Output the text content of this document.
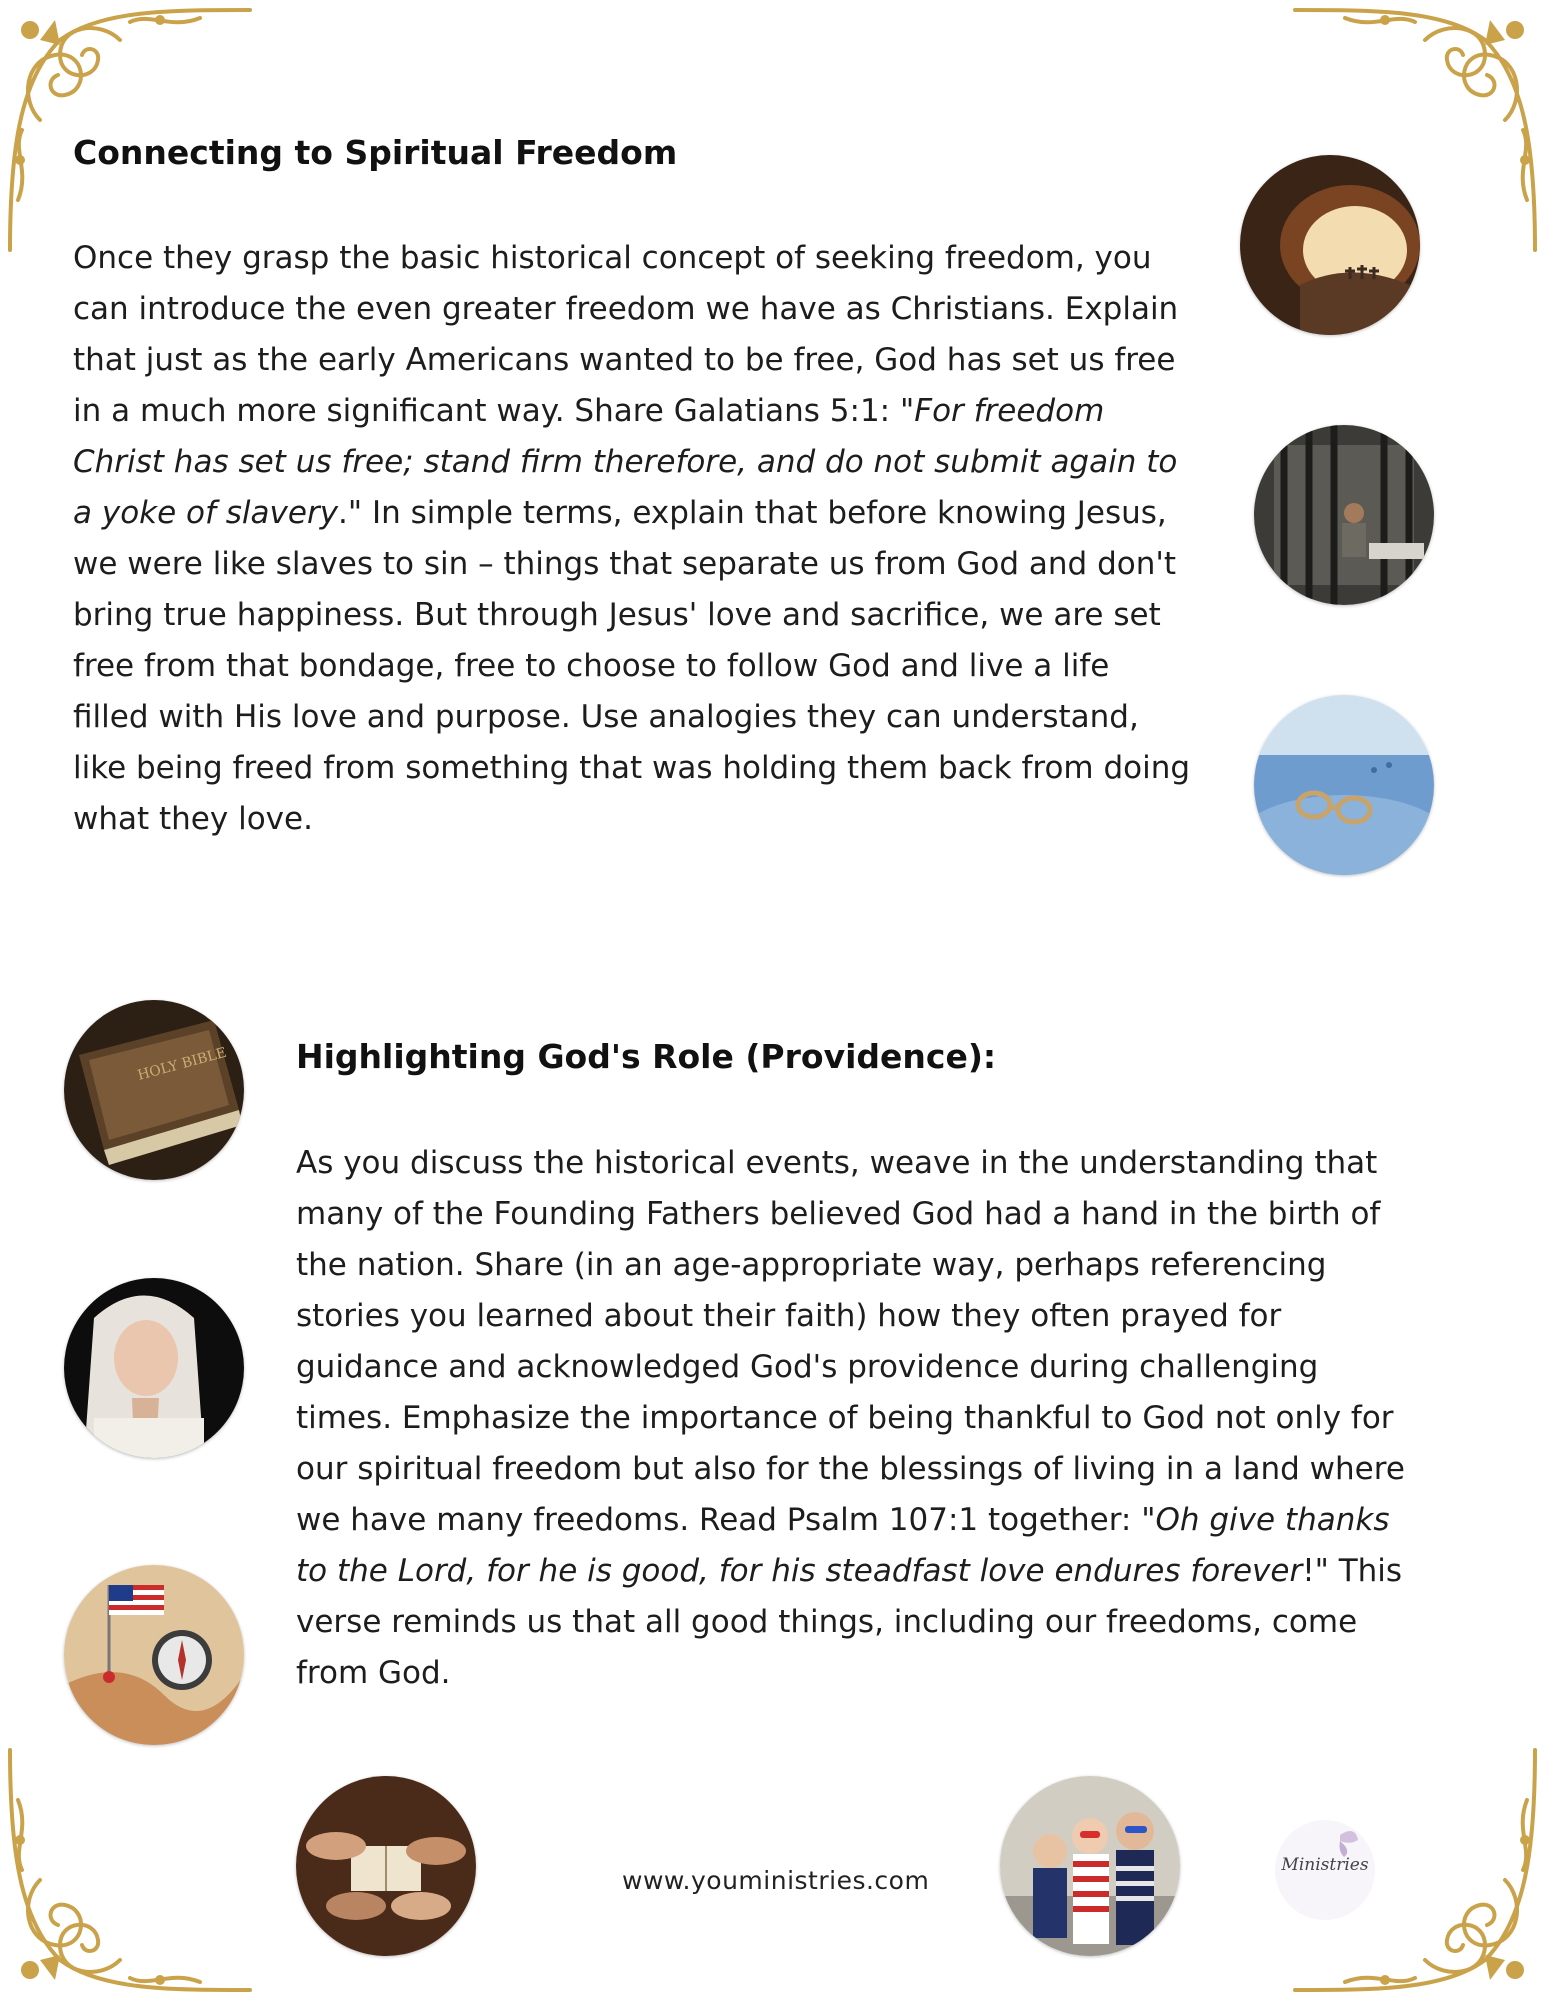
Connecting to Spiritual Freedom

Once they grasp the basic historical concept of seeking freedom, you can introduce the even greater freedom we have as Christians. Explain that just as the early Americans wanted to be free, God has set us free in a much more significant way. Share Galatians 5:1: "For freedom Christ has set us free; stand firm therefore, and do not submit again to a yoke of slavery." In simple terms, explain that before knowing Jesus, we were like slaves to sin – things that separate us from God and don't bring true happiness. But through Jesus' love and sacrifice, we are set free from that bondage, free to choose to follow God and live a life filled with His love and purpose. Use analogies they can understand, like being freed from something that was holding them back from doing what they love.

Highlighting God's Role (Providence):

As you discuss the historical events, weave in the understanding that many of the Founding Fathers believed God had a hand in the birth of the nation. Share (in an age-appropriate way, perhaps referencing stories you learned about their faith) how they often prayed for guidance and acknowledged God's providence during challenging times. Emphasize the importance of being thankful to God not only for our spiritual freedom but also for the blessings of living in a land where we have many freedoms. Read Psalm 107:1 together: "Oh give thanks to the Lord, for he is good, for his steadfast love endures forever!" This verse reminds us that all good things, including our freedoms, come from God.

HOLY BIBLE
www.youministries.com
Ministries
